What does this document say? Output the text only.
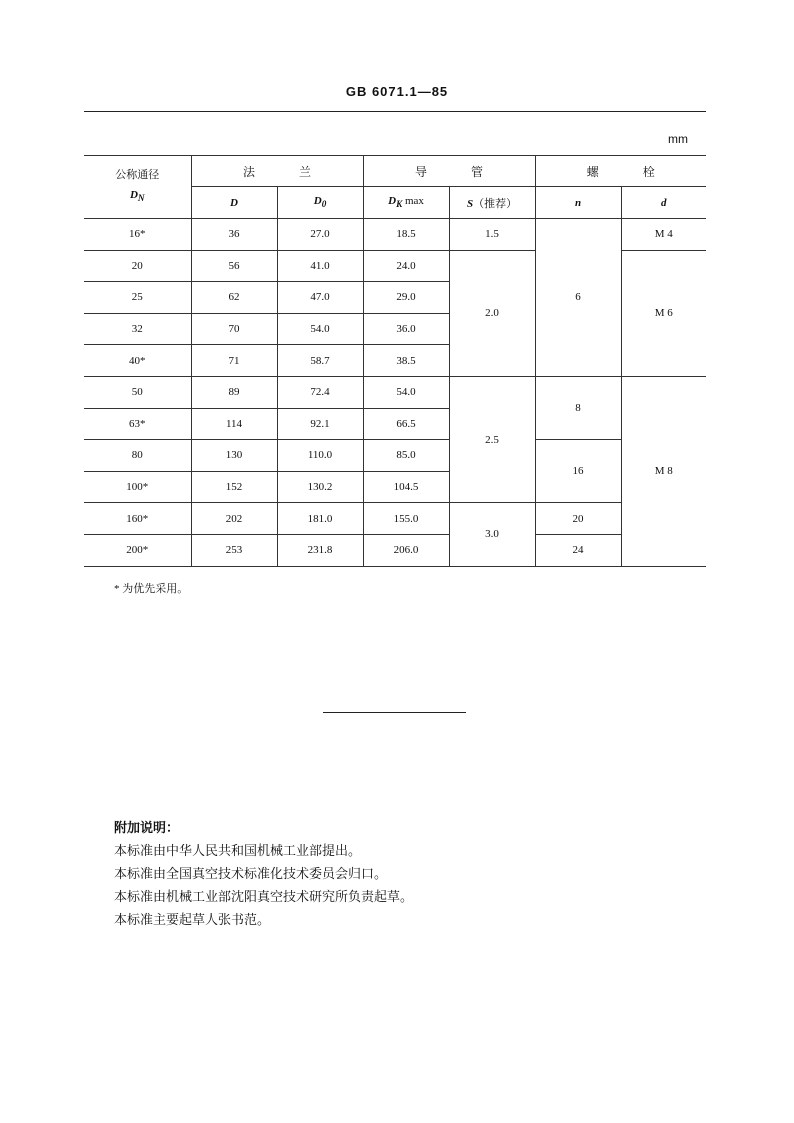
GB 6071.1—85
mm
公称通径
$D_N$	法兰		导管		螺栓	
	D	$D_0$	$D_K$ max	S（推荐）	n	d
16*	36	27.0	18.5	1.5	6	M 4
20	56	41.0	24.0	2.0		M 6
25	62	47.0	29.0			
32	70	54.0	36.0			
40*	71	58.7	38.5			
50	89	72.4	54.0	2.5	8	M 8
63*	114	92.1	66.5			
80	130	110.0	85.0		16	
100*	152	130.2	104.5			
160*	202	181.0	155.0	3.0	20	
200*	253	231.8	206.0		24	
* 为优先采用。
附加说明：
本标准由中华人民共和国机械工业部提出。
本标准由全国真空技术标准化技术委员会归口。
本标准由机械工业部沈阳真空技术研究所负责起草。
本标准主要起草人张书范。
